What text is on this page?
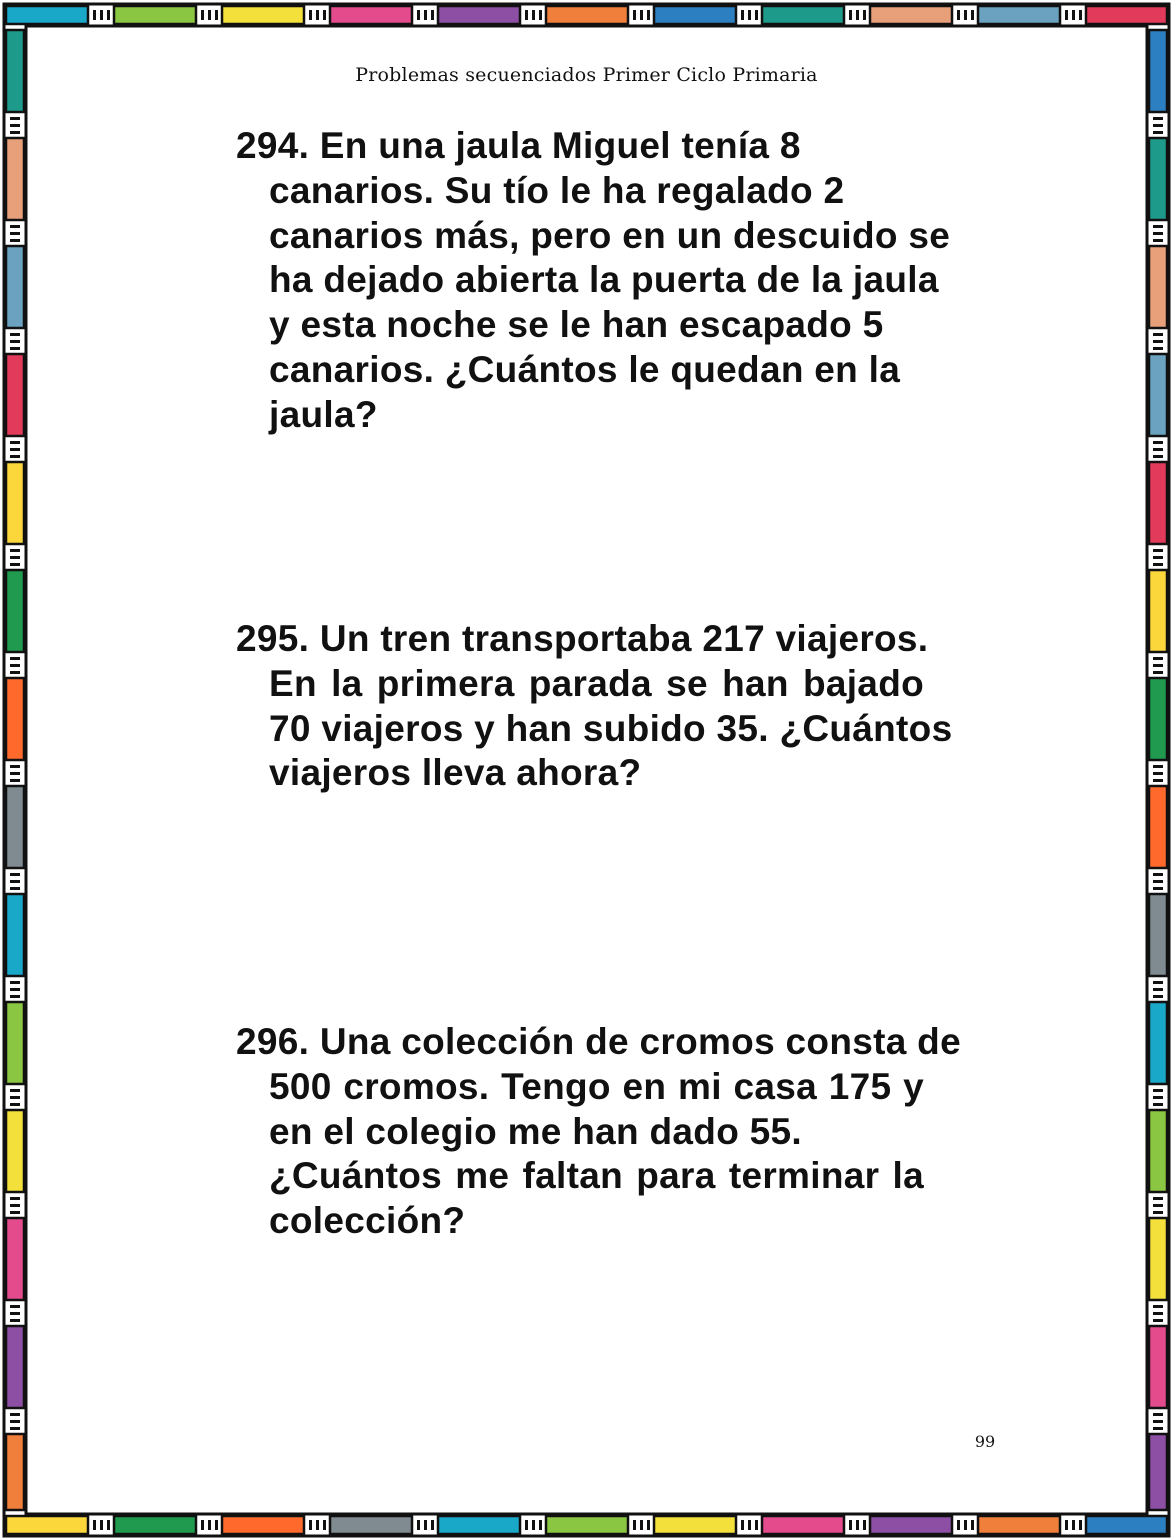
Problemas secuenciados Primer Ciclo Primaria
294. En una jaula Miguel tenía 8
canarios. Su tío le ha regalado 2
canarios más, pero en un descuido se
ha dejado abierta la puerta de la jaula
y esta noche se le han escapado 5
canarios. ¿Cuántos le quedan en la
jaula?
295. Un tren transportaba 217 viajeros.
En la primera parada se han bajado
70 viajeros y han subido 35. ¿Cuántos
viajeros lleva ahora?
296. Una colección de cromos consta de
500 cromos. Tengo en mi casa 175 y
en el colegio me han dado 55.
¿Cuántos me faltan para terminar la
colección?
99
